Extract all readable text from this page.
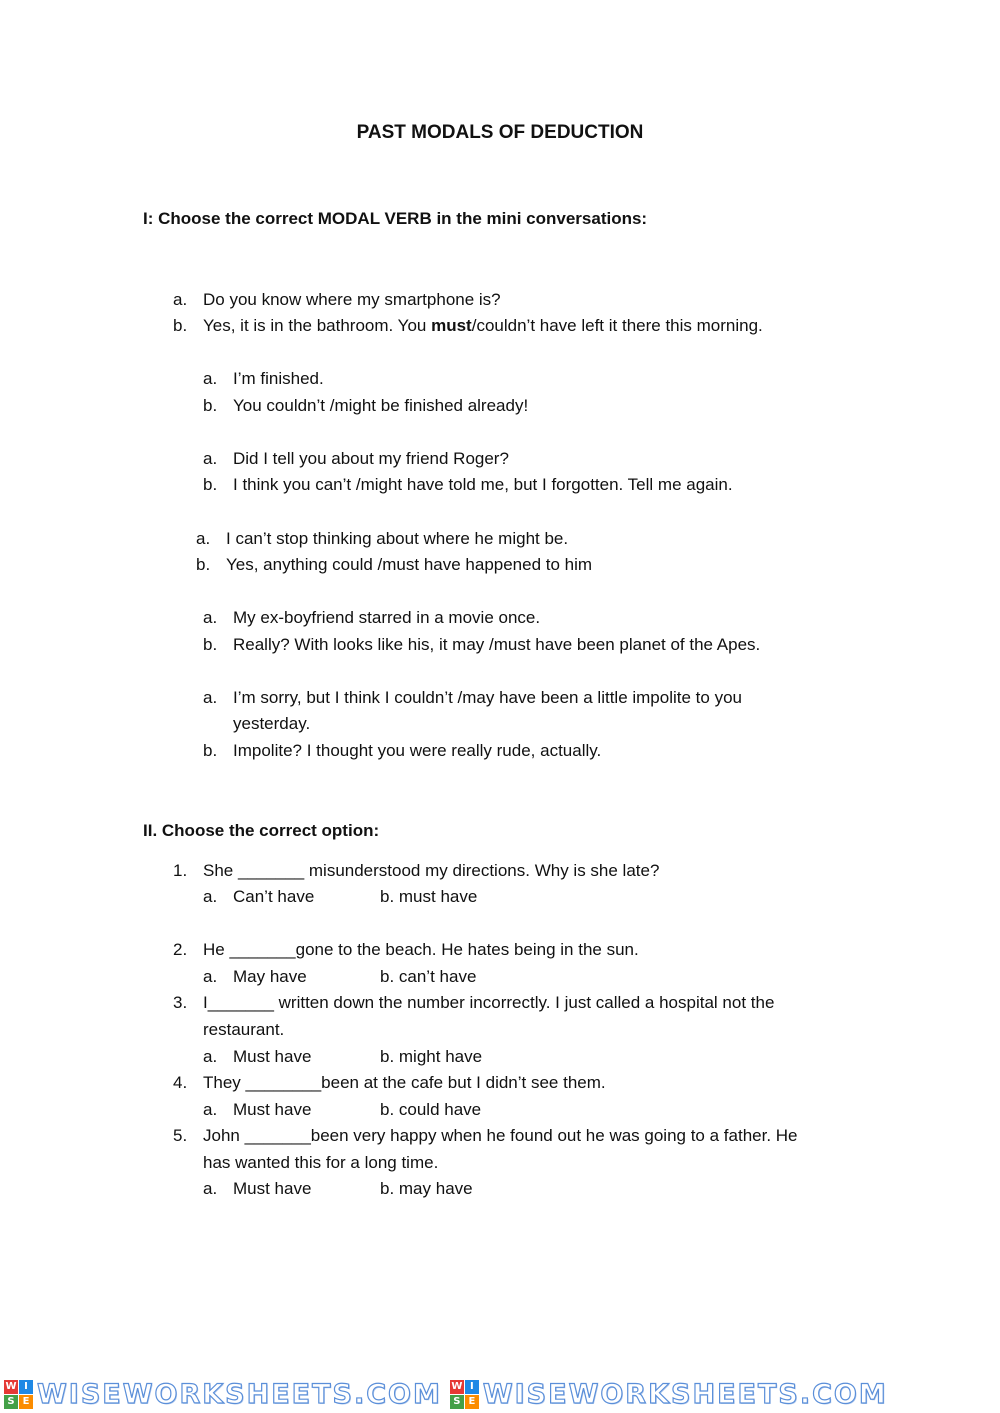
PAST MODALS OF DEDUCTION
I: Choose the correct MODAL VERB in the mini conversations:
a. Do you know where my smartphone is?
b. Yes, it is in the bathroom. You must/couldn’t have left it there this morning.
a. I’m finished.
b. You couldn’t /might be finished already!
a. Did I tell you about my friend Roger?
b. I think you can’t /might have told me, but I forgotten. Tell me again.
a. I can’t stop thinking about where he might be.
b. Yes, anything could /must have happened to him
a. My ex-boyfriend starred in a movie once.
b. Really? With looks like his, it may /must have been planet of the Apes.
a. I’m sorry, but I think I couldn’t /may have been a little impolite to you
yesterday.
b. Impolite? I thought you were really rude, actually.
II. Choose the correct option:
1. She _______ misunderstood my directions. Why is she late?
a. Can’t have	b. must have
2. He _______gone to the beach. He hates being in the sun.
a. May have	b. can’t have
3. I_______ written down the number incorrectly. I just called a hospital not the
restaurant.
a. Must have	b. might have
4. They ________been at the cafe but I didn’t see them.
a. Must have	b. could have
5. John _______been very happy when he found out he was going to a father. He
has wanted this for a long time.
a. Must have	b. may have
W I
S E WISEWORKSHEETS.COM W I
S E WISEWORKSHEETS.COM
